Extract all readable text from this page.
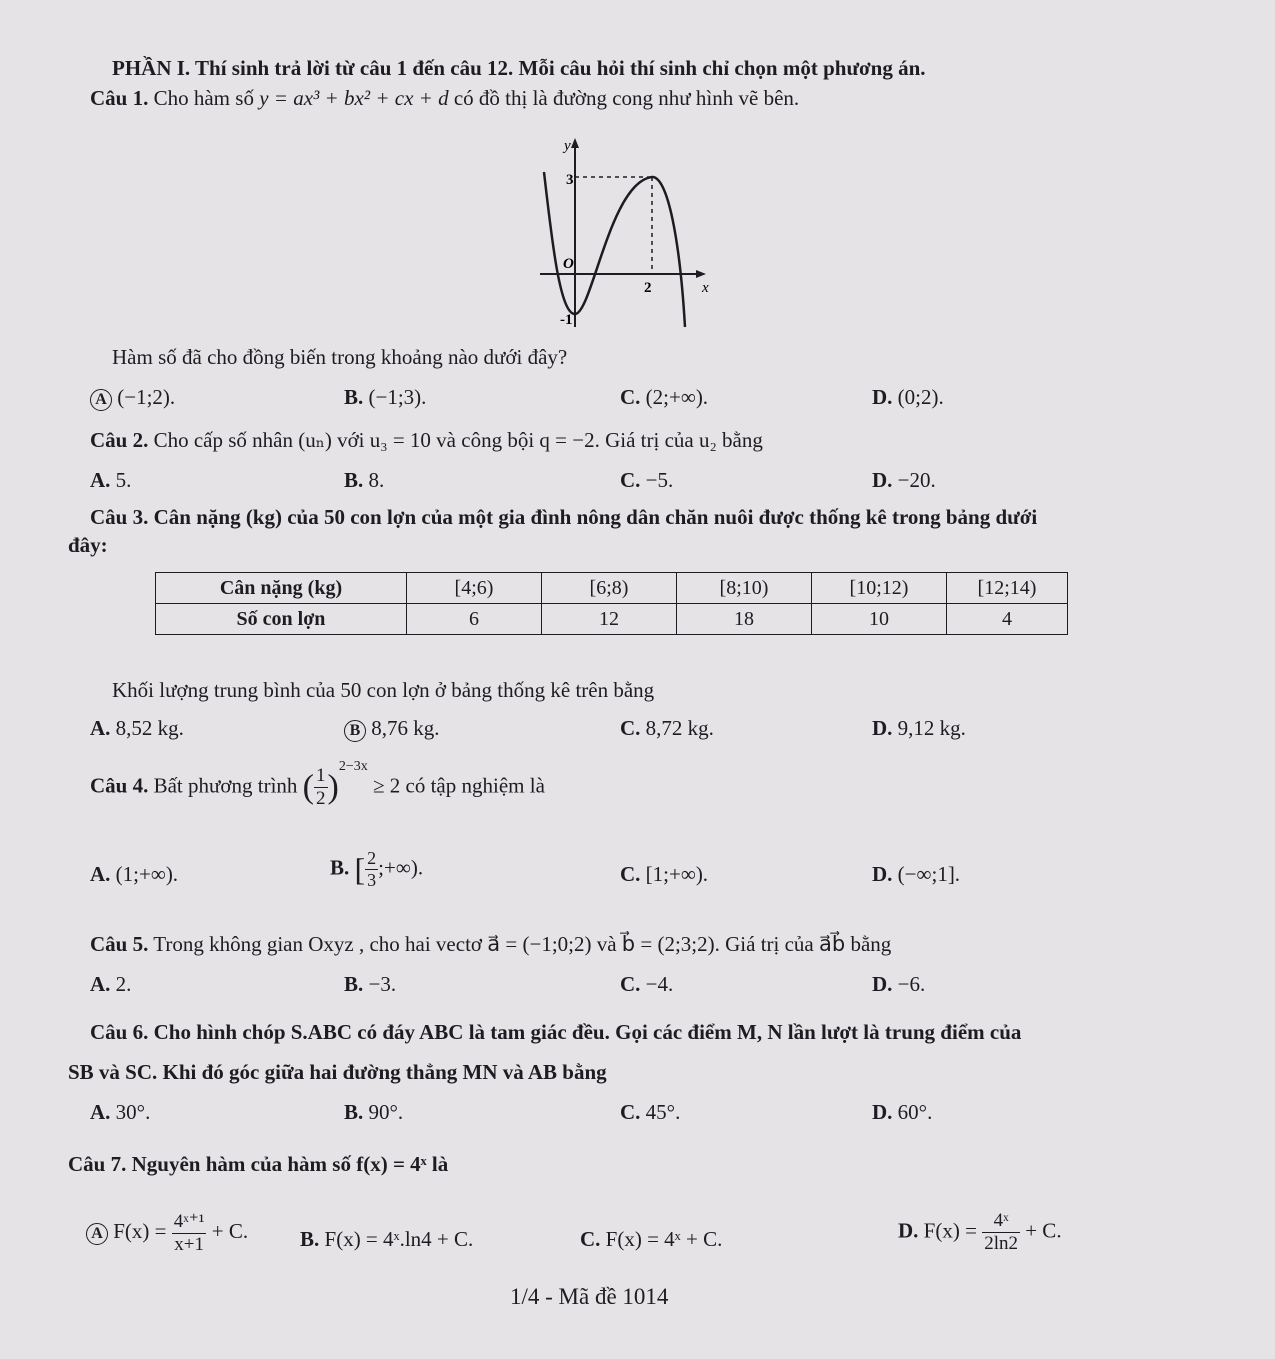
PHẦN I. Thí sinh trả lời từ câu 1 đến câu 12. Mỗi câu hỏi thí sinh chỉ chọn một phương án.
Câu 1. Cho hàm số y = ax³ + bx² + cx + d có đồ thị là đường cong như hình vẽ bên.
y
x
3
O
2
-1
Hàm số đã cho đồng biến trong khoảng nào dưới đây?
A (−1;2).	B. (−1;3).	C. (2;+∞).	D. (0;2).
Câu 2. Cho cấp số nhân (uₙ) với u₃ = 10 và công bội q = −2. Giá trị của u₂ bằng
A. 5.	B. 8.	C. −5.	D. −20.
Câu 3. Cân nặng (kg) của 50 con lợn của một gia đình nông dân chăn nuôi được thống kê trong bảng dưới
đây:
Cân nặng (kg)	[4;6)	[6;8)	[8;10)	[10;12)	[12;14)
Số con lợn	6	12	18	10	4
Khối lượng trung bình của 50 con lợn ở bảng thống kê trên bằng
A. 8,52 kg.	B 8,76 kg.	C. 8,72 kg.	D. 9,12 kg.
Câu 4. Bất phương trình ( $\frac{1}{2} )^{2-3x} \ge 2$ có tập nghiệm là
A. (1;+∞).	B. [ $\frac{2}{3}$ ;+∞).	C. [1;+∞).	D. (−∞;1].
Câu 5. Trong không gian Oxyz , cho hai vectơ a⃗ = (−1;0;2) và b⃗ = (2;3;2). Giá trị của a⃗b⃗ bằng
A. 2.	B. −3.	C. −4.	D. −6.
Câu 6. Cho hình chóp S.ABC có đáy ABC là tam giác đều. Gọi các điểm M, N lần lượt là trung điểm của
SB và SC. Khi đó góc giữa hai đường thẳng MN và AB bằng
A. 30°.	B. 90°.	C. 45°.	D. 60°.
Câu 7. Nguyên hàm của hàm số f(x) = 4ˣ là
A $F(x) = \frac{\text{4ˣ⁺¹}}{x+1} + C$. B. F(x) = 4ˣ.ln4 + C.	C. F(x) = 4ˣ + C.	D. $F(x) = \frac{\text{4ˣ}}{2\ln 2} + C$.
1/4 - Mã đề 1014
